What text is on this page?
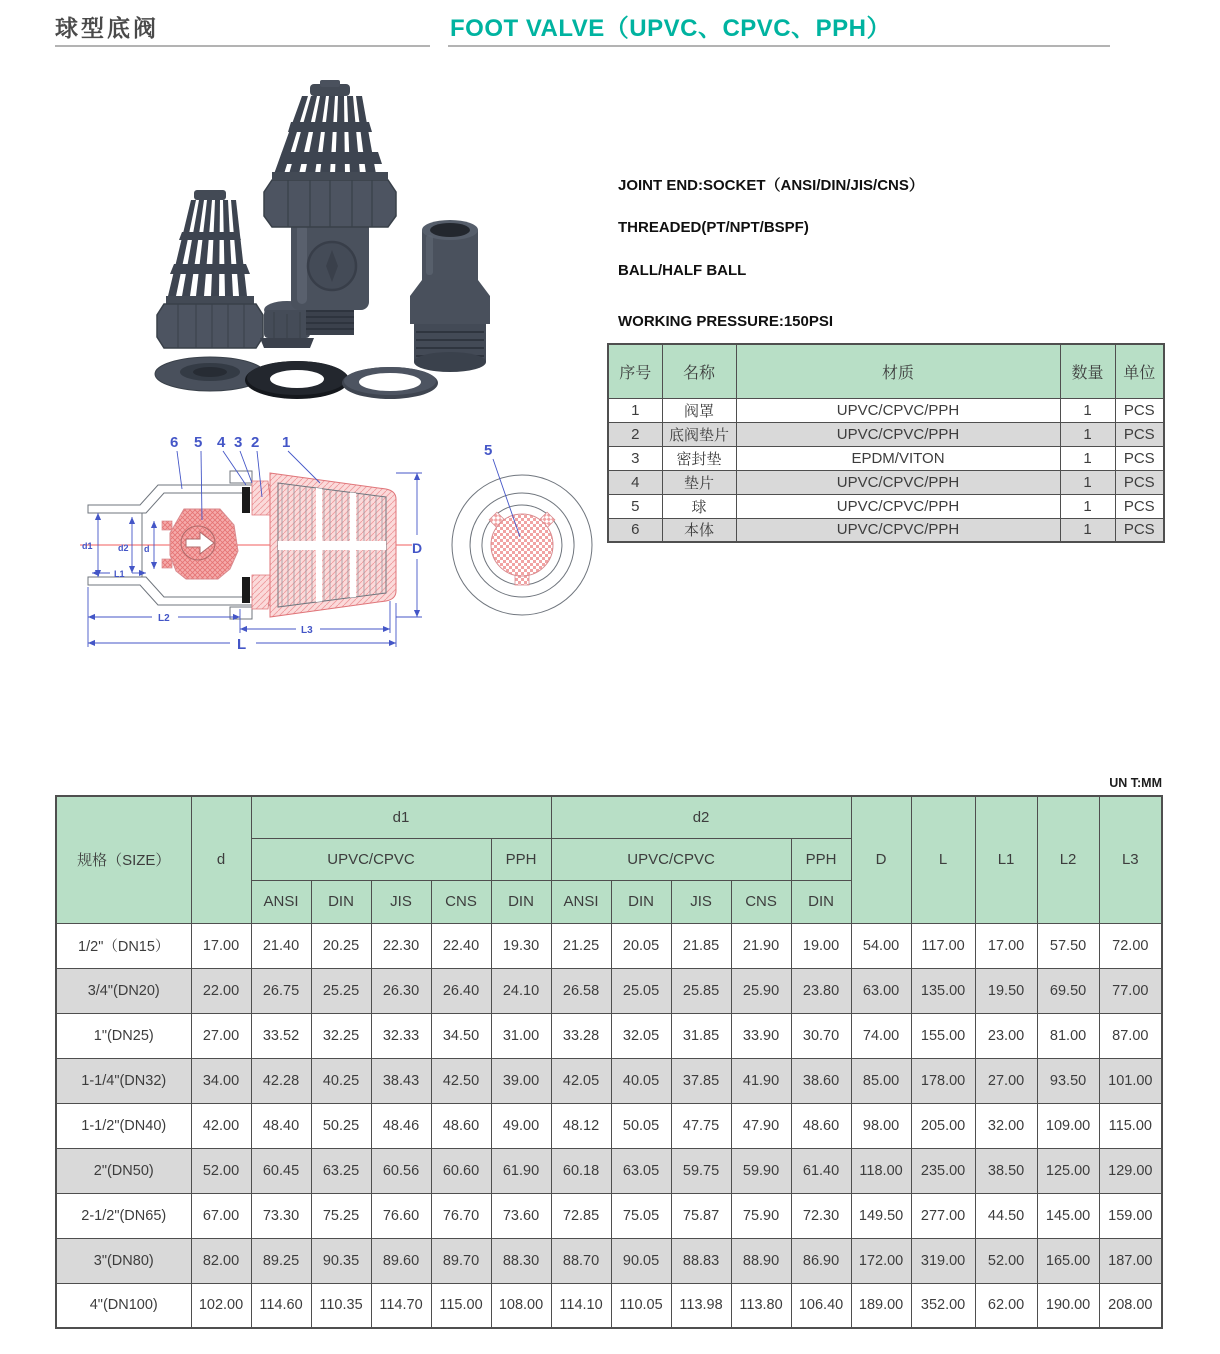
球型底阀	FOOT VALVE（UPVC、CPVC、PPH）
JOINT END:SOCKET（ANSI/DIN/JIS/CNS）
THREADED(PT/NPT/BSPF)
BALL/HALF BALL
WORKING PRESSURE:150PSI
序号	名称	材质	数量	单位
1	阀罩	UPVC/CPVC/PPH	1	PCS
2	底阀垫片	UPVC/CPVC/PPH	1	PCS
3	密封垫	EPDM/VITON	1	PCS
4	垫片	UPVC/CPVC/PPH	1	PCS
5	球	UPVC/CPVC/PPH	1	PCS
6	本体	UPVC/CPVC/PPH	1	PCS
D
L
L2
L3
L1
d1	d2 d
6 5 4 3 2 1	5
UN T:MM
规格（SIZE）	d	d1					d2					D	L	L1	L2	L3
		UPVC/CPVC				PPH	UPVC/CPVC				PPH					
		ANSI	DIN	JIS	CNS	DIN	ANSI	DIN	JIS	CNS	DIN					
1/2"（DN15）	17.00	21.40	20.25	22.30	22.40	19.30	21.25	20.05	21.85	21.90	19.00	54.00	117.00	17.00	57.50	72.00
3/4"(DN20)	22.00	26.75	25.25	26.30	26.40	24.10	26.58	25.05	25.85	25.90	23.80	63.00	135.00	19.50	69.50	77.00
1"(DN25)	27.00	33.52	32.25	32.33	34.50	31.00	33.28	32.05	31.85	33.90	30.70	74.00	155.00	23.00	81.00	87.00
1-1/4"(DN32)	34.00	42.28	40.25	38.43	42.50	39.00	42.05	40.05	37.85	41.90	38.60	85.00	178.00	27.00	93.50	101.00
1-1/2"(DN40)	42.00	48.40	50.25	48.46	48.60	49.00	48.12	50.05	47.75	47.90	48.60	98.00	205.00	32.00	109.00	115.00
2"(DN50)	52.00	60.45	63.25	60.56	60.60	61.90	60.18	63.05	59.75	59.90	61.40	118.00	235.00	38.50	125.00	129.00
2-1/2"(DN65)	67.00	73.30	75.25	76.60	76.70	73.60	72.85	75.05	75.87	75.90	72.30	149.50	277.00	44.50	145.00	159.00
3"(DN80)	82.00	89.25	90.35	89.60	89.70	88.30	88.70	90.05	88.83	88.90	86.90	172.00	319.00	52.00	165.00	187.00
4"(DN100)	102.00	114.60	110.35	114.70	115.00	108.00	114.10	110.05	113.98	113.80	106.40	189.00	352.00	62.00	190.00	208.00
